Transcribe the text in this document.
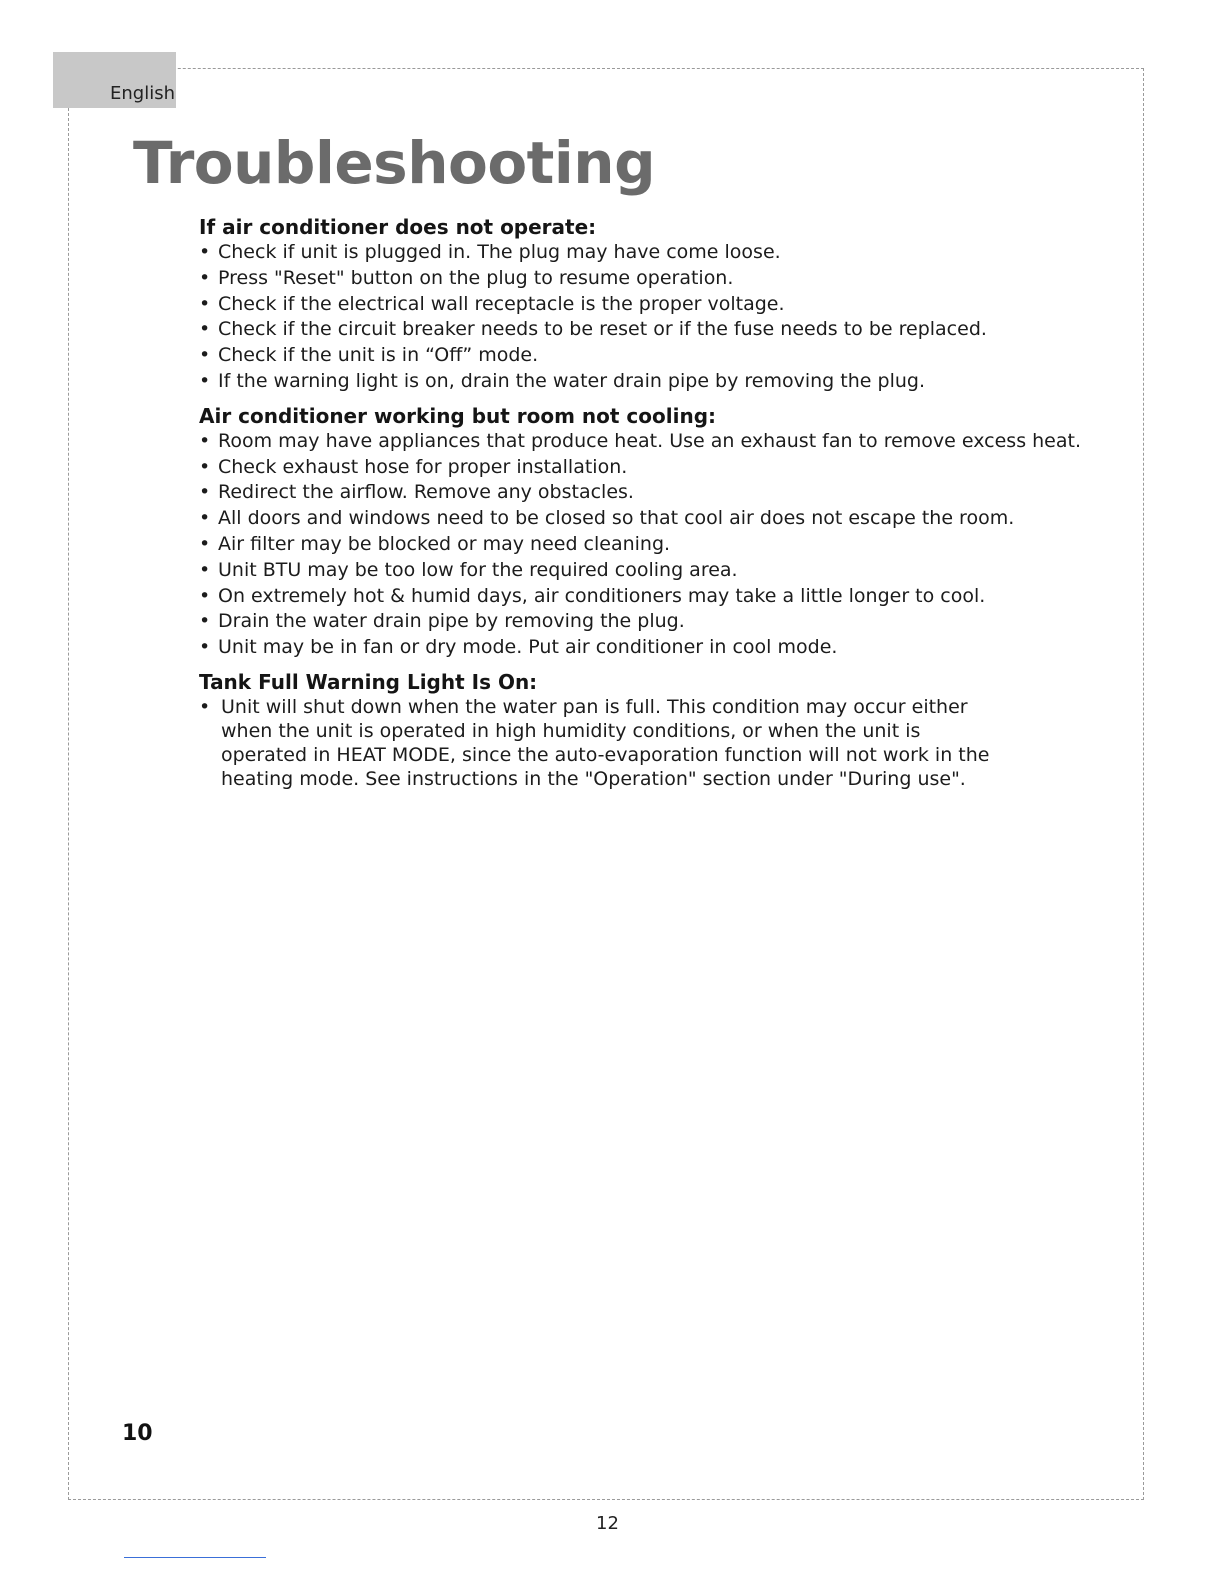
English
Troubleshooting
If air conditioner does not operate:
• Check if unit is plugged in. The plug may have come loose.
• Press "Reset" button on the plug to resume operation.
• Check if the electrical wall receptacle is the proper voltage.
• Check if the circuit breaker needs to be reset or if the fuse needs to be replaced.
• Check if the unit is in “Off” mode.
• If the warning light is on, drain the water drain pipe by removing the plug.
Air conditioner working but room not cooling:
• Room may have appliances that produce heat. Use an exhaust fan to remove excess heat.
• Check exhaust hose for proper installation.
• Redirect the airflow. Remove any obstacles.
• All doors and windows need to be closed so that cool air does not escape the room.
• Air filter may be blocked or may need cleaning.
• Unit BTU may be too low for the required cooling area.
• On extremely hot & humid days, air conditioners may take a little longer to cool.
• Drain the water drain pipe by removing the plug.
• Unit may be in fan or dry mode. Put air conditioner in cool mode.
Tank Full Warning Light Is On:
• Unit will shut down when the water pan is full. This condition may occur either when the unit is operated in high humidity conditions, or when the unit is operated in HEAT MODE, since the auto-evaporation function will not work in the heating mode. See instructions in the "Operation" section under "During use".
10
12
